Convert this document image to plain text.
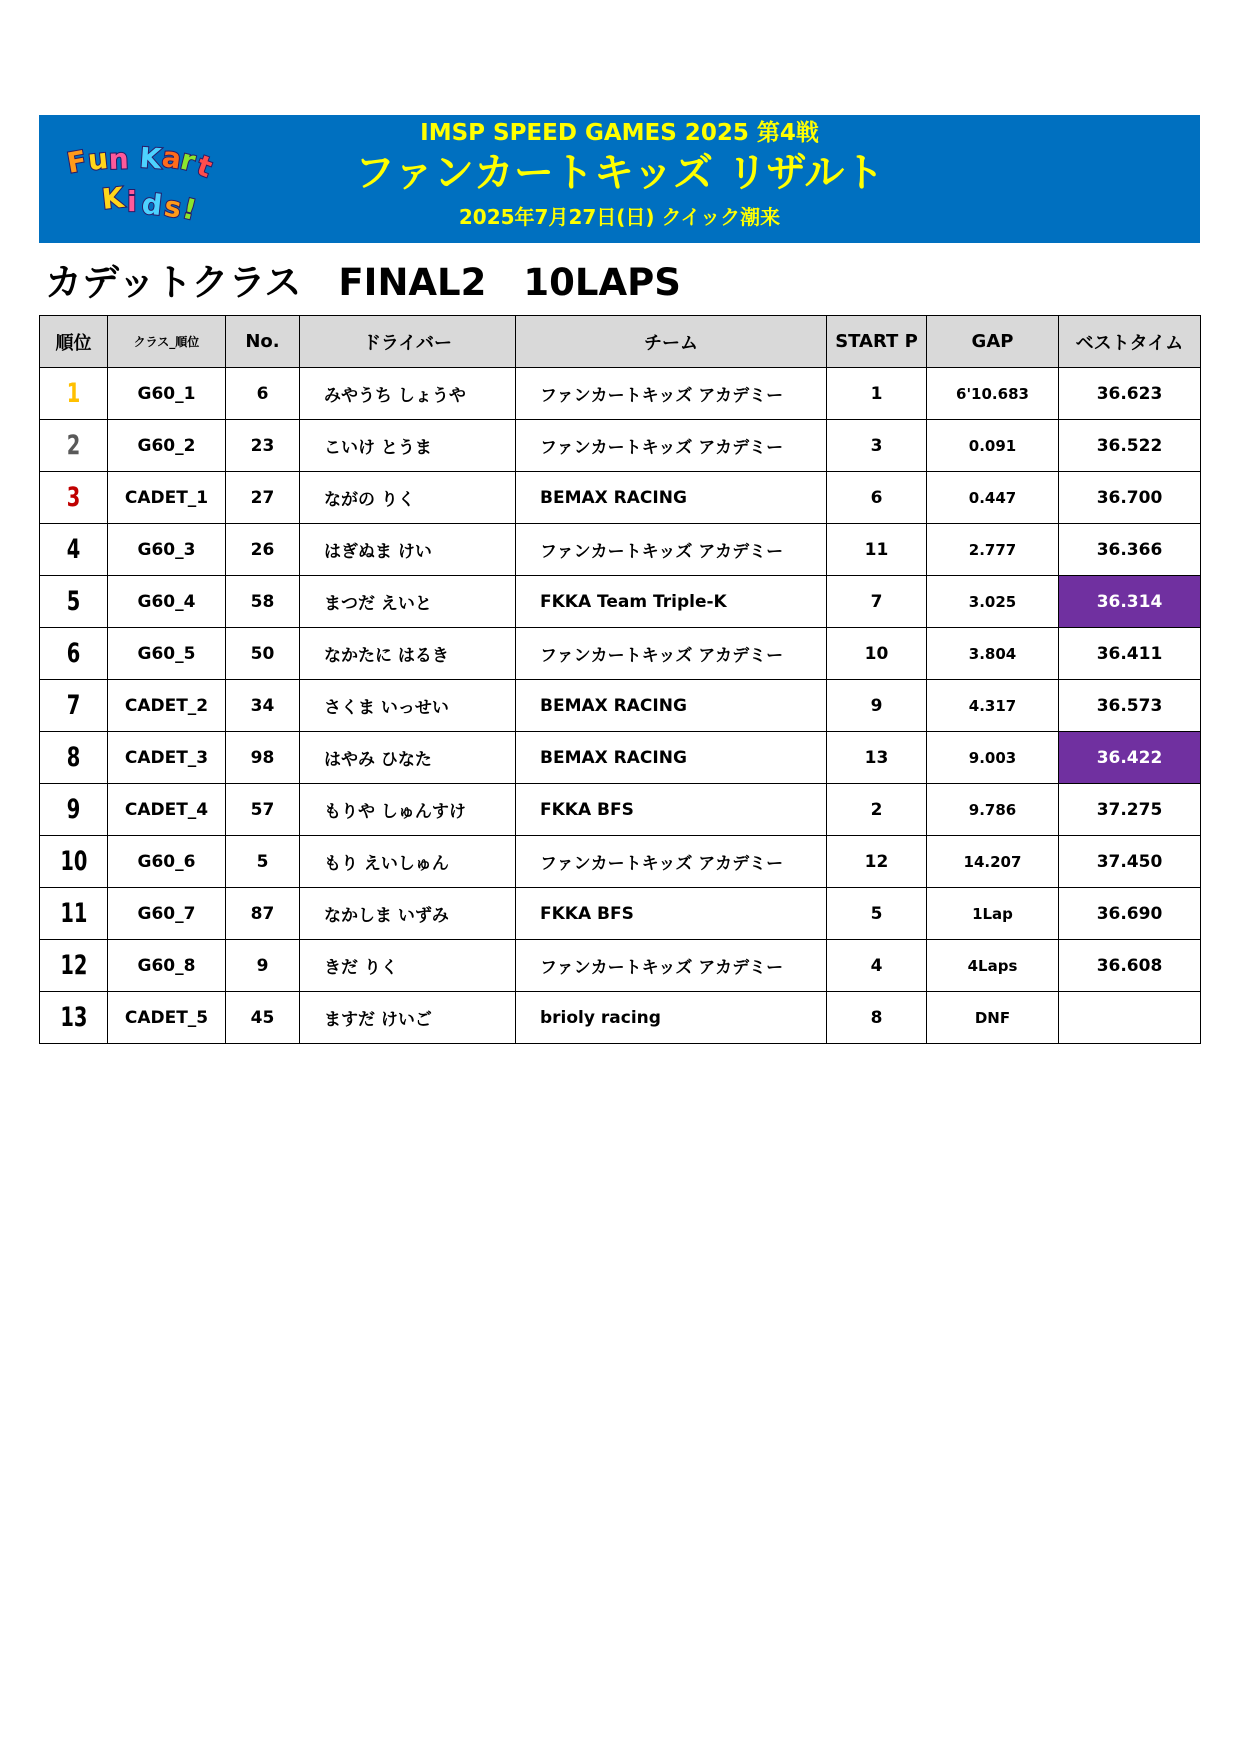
F
u
n K
a
r
t
K i d
s
!
IMSP SPEED GAMES 2025 第4戦
ファンカートキッズ リザルト
2025年7月27日(日) クイック潮来
カデットクラス　FINAL2　10LAPS
順位	クラス_順位	No.	ドライバー	チーム	START P	GAP	ベストタイム
1	G60_1	6	みやうち しょうや	ファンカートキッズ アカデミー	1	6'10.683	36.623
2	G60_2	23	こいけ とうま	ファンカートキッズ アカデミー	3	0.091	36.522
3	CADET_1	27	ながの りく	BEMAX RACING	6	0.447	36.700
4	G60_3	26	はぎぬま けい	ファンカートキッズ アカデミー	11	2.777	36.366
5	G60_4	58	まつだ えいと	FKKA Team Triple-K	7	3.025	36.314
6	G60_5	50	なかたに はるき	ファンカートキッズ アカデミー	10	3.804	36.411
7	CADET_2	34	さくま いっせい	BEMAX RACING	9	4.317	36.573
8	CADET_3	98	はやみ ひなた	BEMAX RACING	13	9.003	36.422
9	CADET_4	57	もりや しゅんすけ	FKKA BFS	2	9.786	37.275
10	G60_6	5	もり えいしゅん	ファンカートキッズ アカデミー	12	14.207	37.450
11	G60_7	87	なかしま いずみ	FKKA BFS	5	1Lap	36.690
12	G60_8	9	きだ りく	ファンカートキッズ アカデミー	4	4Laps	36.608
13	CADET_5	45	ますだ けいご	brioly racing	8	DNF	
